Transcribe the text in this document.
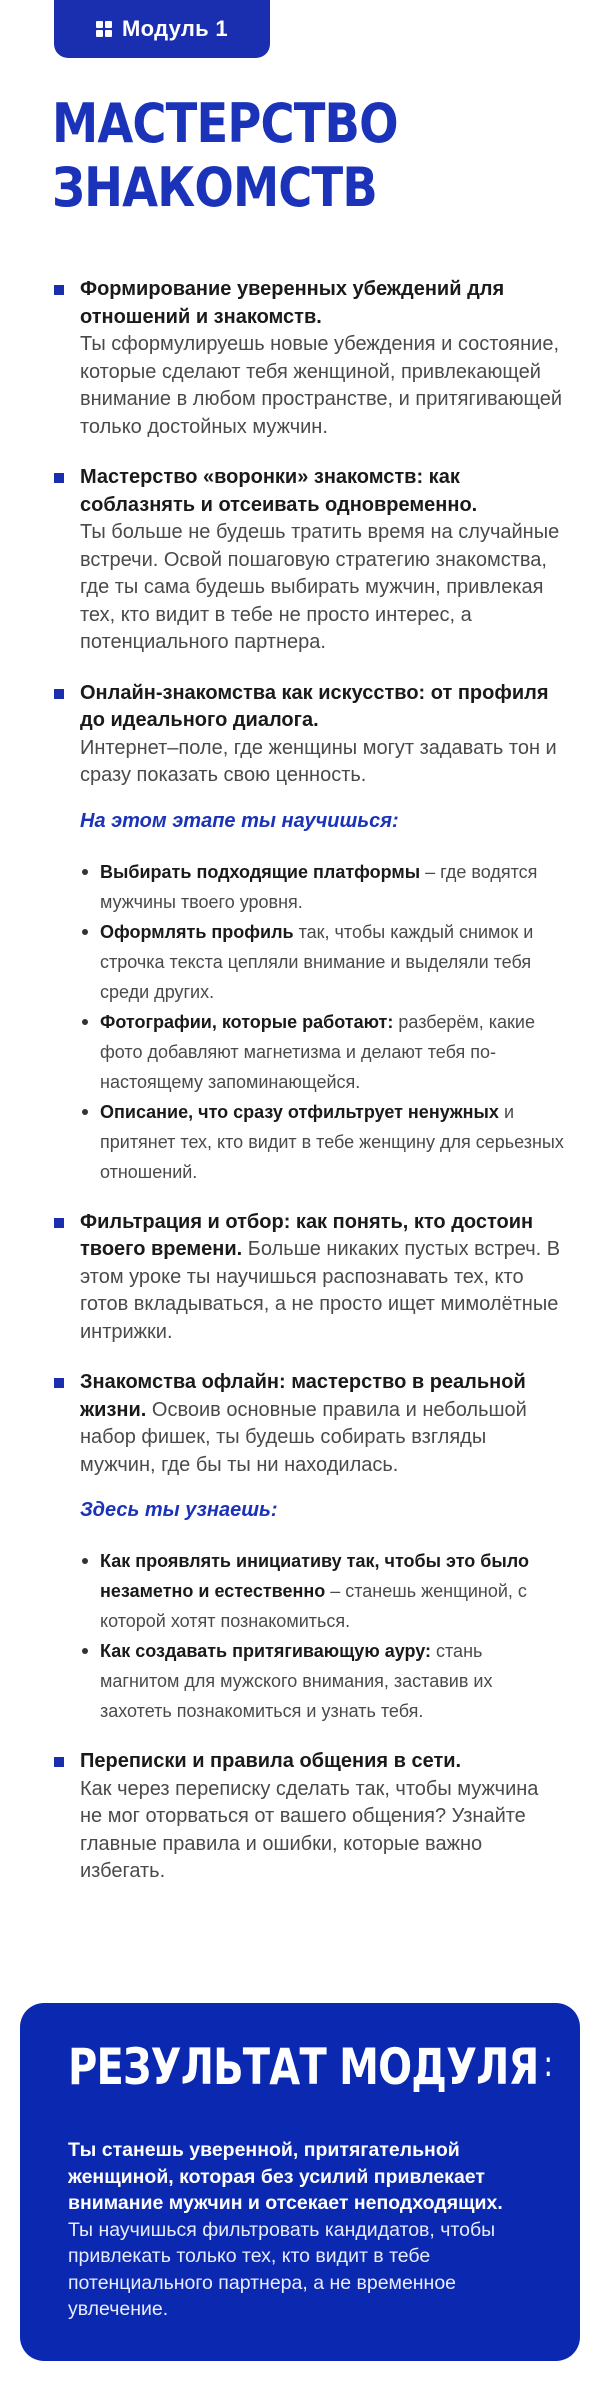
Модуль 1
МАСТЕРСТВО ЗНАКОМСТВ
Формирование уверенных убеждений для отношений и знакомств.
Ты сформулируешь новые убеждения и состояние, которые сделают тебя женщиной, привлекающей внимание в любом пространстве, и притягивающей только достойных мужчин.
Мастерство «воронки» знакомств: как соблазнять и отсеивать одновременно.
Ты больше не будешь тратить время на случайные встречи. Освой пошаговую стратегию знакомства, где ты сама будешь выбирать мужчин, привлекая тех, кто видит в тебе не просто интерес, а потенциального партнера.
Онлайн-знакомства как искусство: от профиля до идеального диалога.
Интернет–поле, где женщины могут задавать тон и сразу показать свою ценность.
На этом этапе ты научишься:
Выбирать подходящие платформы – где водятся мужчины твоего уровня.
Оформлять профиль так, чтобы каждый снимок и строчка текста цепляли внимание и выделяли тебя среди других.
Фотографии, которые работают: разберём, какие фото добавляют магнетизма и делают тебя по-настоящему запоминающейся.
Описание, что сразу отфильтрует ненужных и притянет тех, кто видит в тебе женщину для серьезных отношений.
Фильтрация и отбор: как понять, кто достоин твоего времени. Больше никаких пустых встреч. В этом уроке ты научишься распознавать тех, кто готов вкладываться, а не просто ищет мимолётные интрижки.
Знакомства офлайн: мастерство в реальной жизни. Освоив основные правила и небольшой набор фишек, ты будешь собирать взгляды мужчин, где бы ты ни находилась.
Здесь ты узнаешь:
Как проявлять инициативу так, чтобы это было незаметно и естественно – станешь женщиной, с которой хотят познакомиться.
Как создавать притягивающую ауру: стань магнитом для мужского внимания, заставив их захотеть познакомиться и узнать тебя.
Переписки и правила общения в сети.
Как через переписку сделать так, чтобы мужчина не мог оторваться от вашего общения? Узнайте главные правила и ошибки, которые важно избегать.
РЕЗУЛЬТАТ МОДУЛЯ :
Ты станешь уверенной, притягательной женщиной, которая без усилий привлекает внимание мужчин и отсекает неподходящих.
Ты научишься фильтровать кандидатов, чтобы привлекать только тех, кто видит в тебе потенциального партнера, а не временное увлечение.
